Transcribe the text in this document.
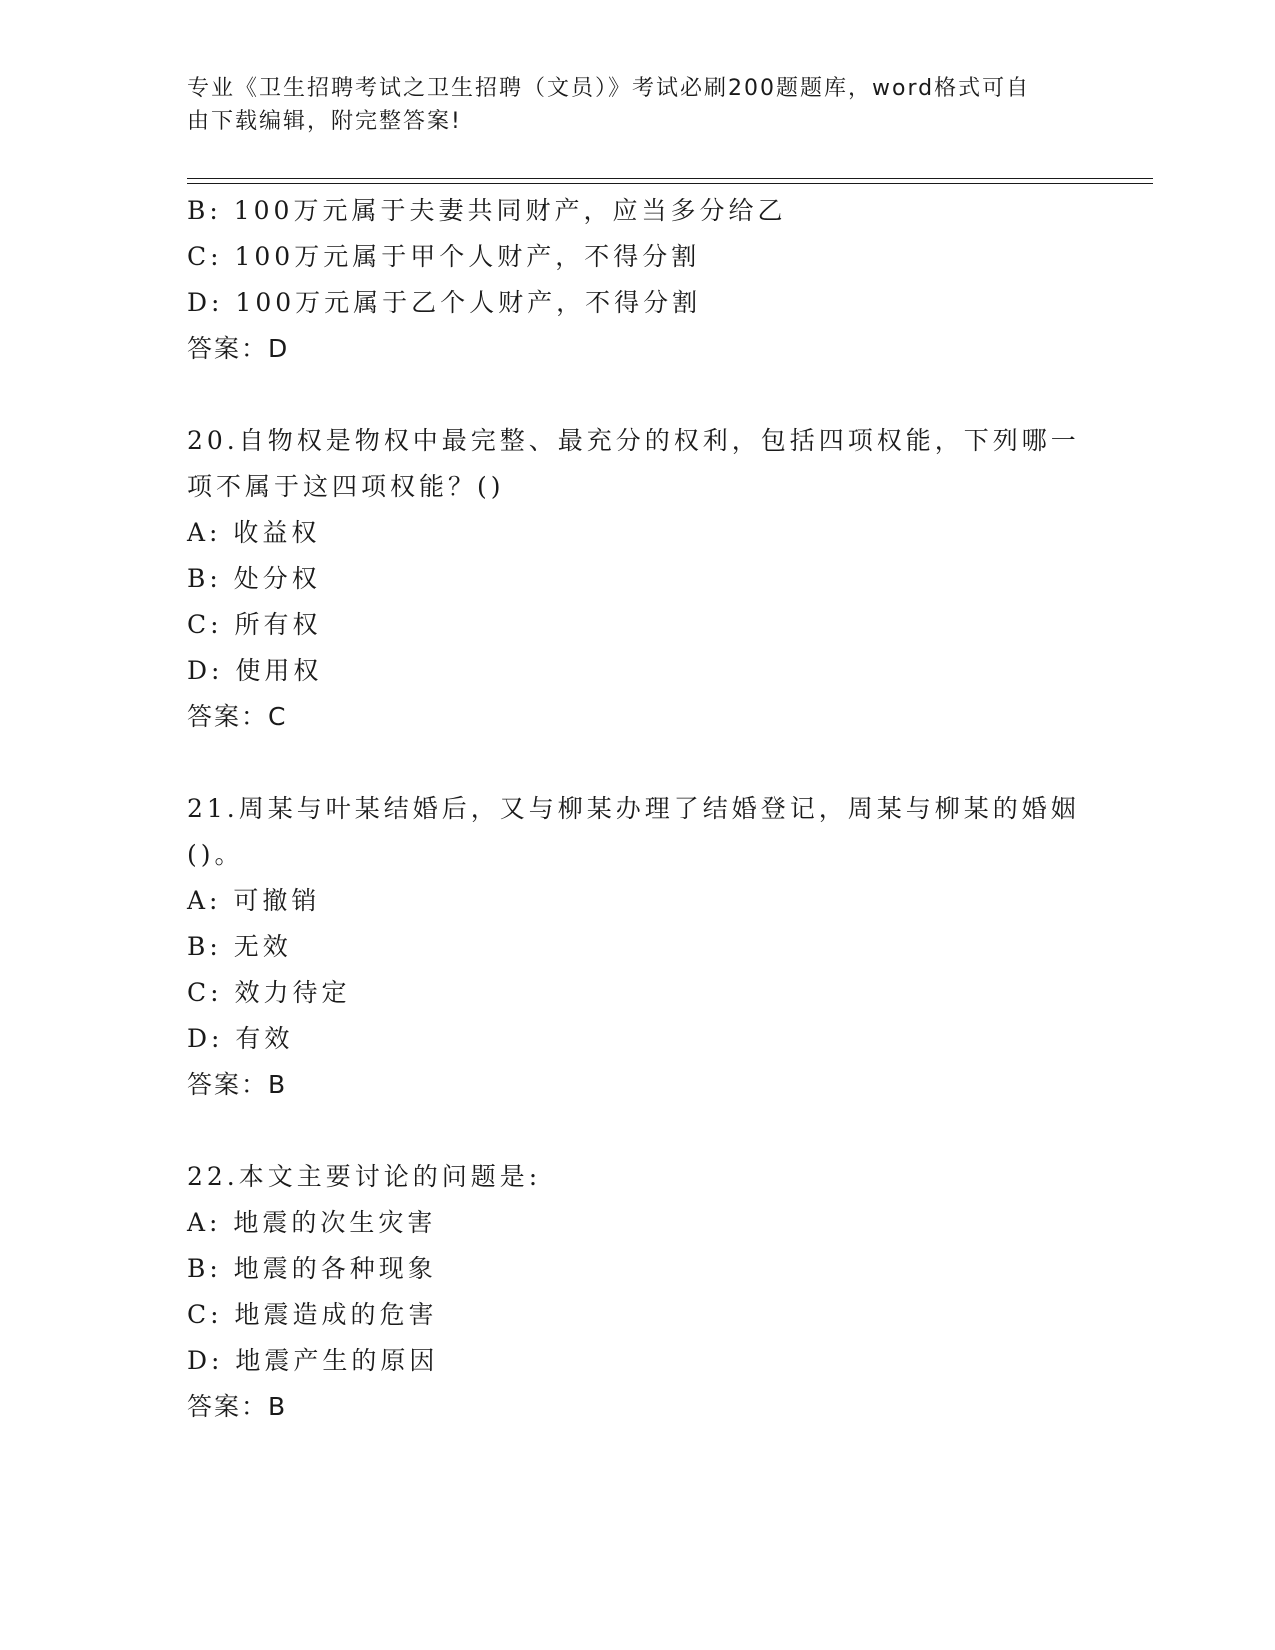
专业《卫生招聘考试之卫生招聘（文员）》考试必刷200题题库，word格式可自
由下载编辑，附完整答案!
B: 100万元属于夫妻共同财产，应当多分给乙
C: 100万元属于甲个人财产，不得分割
D: 100万元属于乙个人财产，不得分割
答案：D
20.自物权是物权中最完整、最充分的权利，包括四项权能，下列哪一
项不属于这四项权能？()
A: 收益权
B: 处分权
C: 所有权
D: 使用权
答案：C
21.周某与叶某结婚后，又与柳某办理了结婚登记，周某与柳某的婚姻
()。
A: 可撤销
B: 无效
C: 效力待定
D: 有效
答案：B
22.本文主要讨论的问题是:
A: 地震的次生灾害
B: 地震的各种现象
C: 地震造成的危害
D: 地震产生的原因
答案：B
